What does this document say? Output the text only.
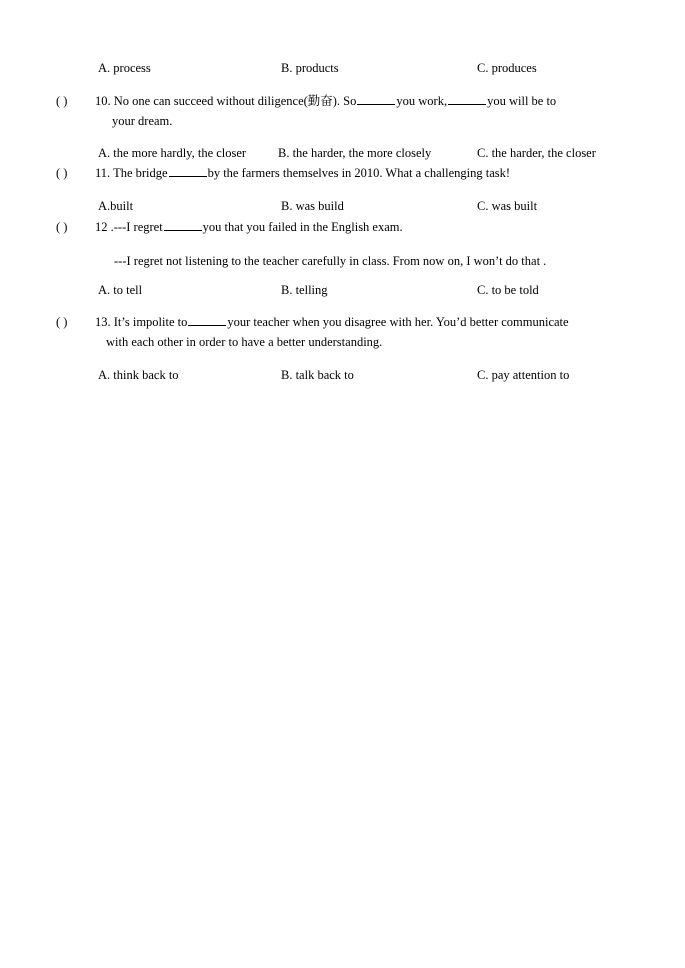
A. process	B. products	C. produces
( ) 10. No one can succeed without diligence(勤奋). So	you work,	you will be to
your dream.
A. the more hardly, the closer	B. the harder, the more closely	C. the harder, the closer
( ) 11. The bridge	by the farmers themselves in 2010. What a challenging task!
A.built	B. was build	C. was built
( ) 12 .---I regret	you that you failed in the English exam.
---I regret not listening to the teacher carefully in class. From now on, I won’t do that .
A. to tell	B. telling	C. to be told
( ) 13. It’s impolite to	your teacher when you disagree with her. You’d better communicate
with each other in order to have a better understanding.
A. think back to	B. talk back to	C. pay attention to
